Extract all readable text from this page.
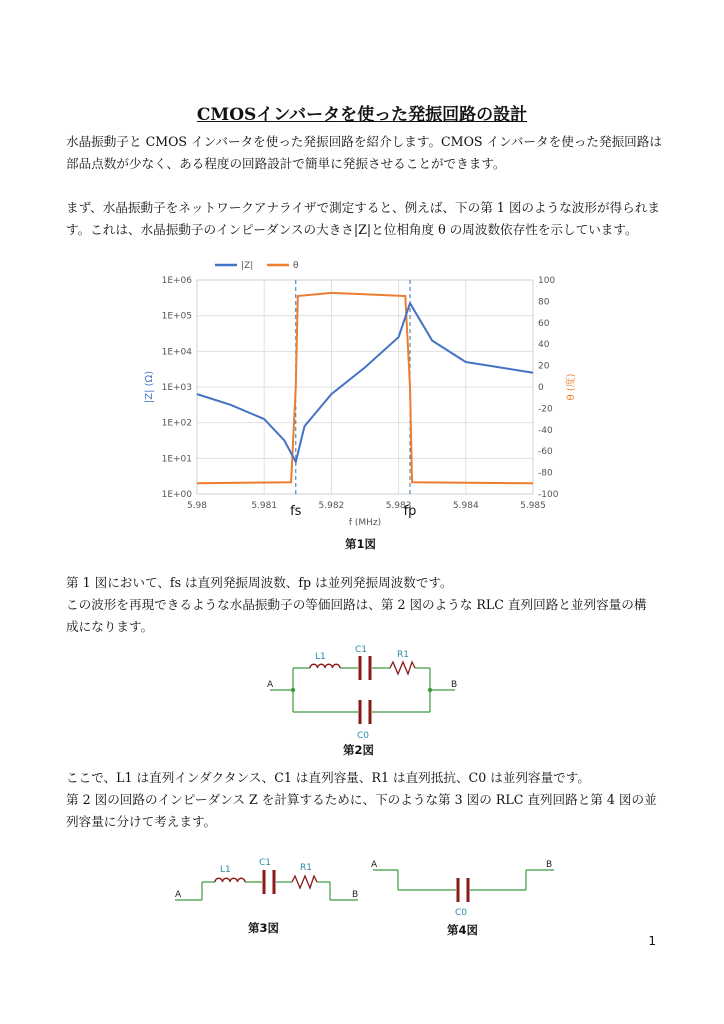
CMOSインバータを使った発振回路の設計
水晶振動子と CMOS インバータを使った発振回路を紹介します。CMOS インバータを使った発振回路は
部品点数が少なく、ある程度の回路設計で簡単に発振させることができます。
まず、水晶振動子をネットワークアナライザで測定すると、例えば、下の第 1 図のような波形が得られま
す。これは、水晶振動子のインピーダンスの大きさ|Z|と位相角度 θ の周波数依存性を示しています。
|Z|	θ
5.98	5.981	5.982	5.983	5.984	5.985
1E+00
1E+01
1E+02
1E+03
1E+04
1E+05
1E+06
-100
-80
-60
-40
-20
0
20
40
60
80
100
fs	fp
f (MHz)
|Z| (Ω)	θ (度)
第1図
第 1 図において、fs は直列発振周波数、fp は並列発振周波数です。
この波形を再現できるような水晶振動子の等価回路は、第 2 図のような RLC 直列回路と並列容量の構
成になります。
L1
C1	R1
C0
A	B
第2図
ここで、L1 は直列インダクタンス、C1 は直列容量、R1 は直列抵抗、C0 は並列容量です。
第 2 図の回路のインピーダンス Z を計算するために、下のような第 3 図の RLC 直列回路と第 4 図の並
列容量に分けて考えます。
L1
C1	R1
A	B
C0
A	B
第3図	第4図
1
